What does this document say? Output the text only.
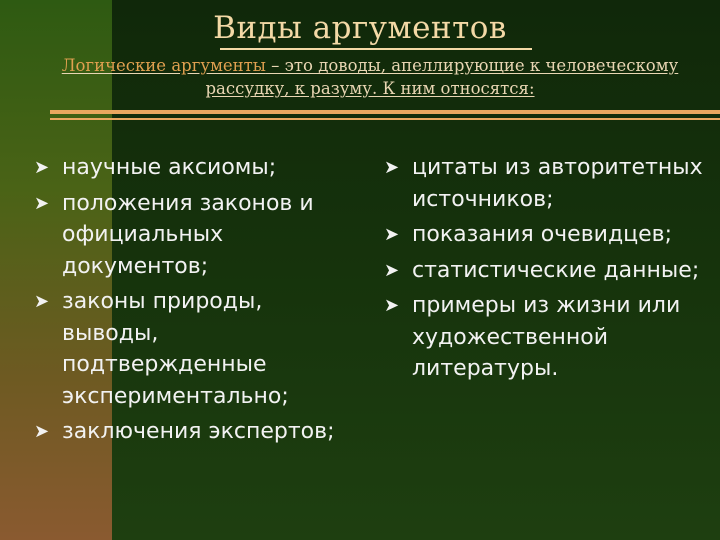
Виды аргументов
Логические аргументы – это доводы, апеллирующие к человеческому рассудку, к разуму. К ним относятся:
➤ научные аксиомы;
➤ положения законов и официальных документов;
➤ законы природы, выводы, подтвержденные экспериментально;
➤ заключения экспертов;
➤ цитаты из авторитетных источников;
➤ показания очевидцев;
➤ статистические данные;
➤ примеры из жизни или художественной литературы.
